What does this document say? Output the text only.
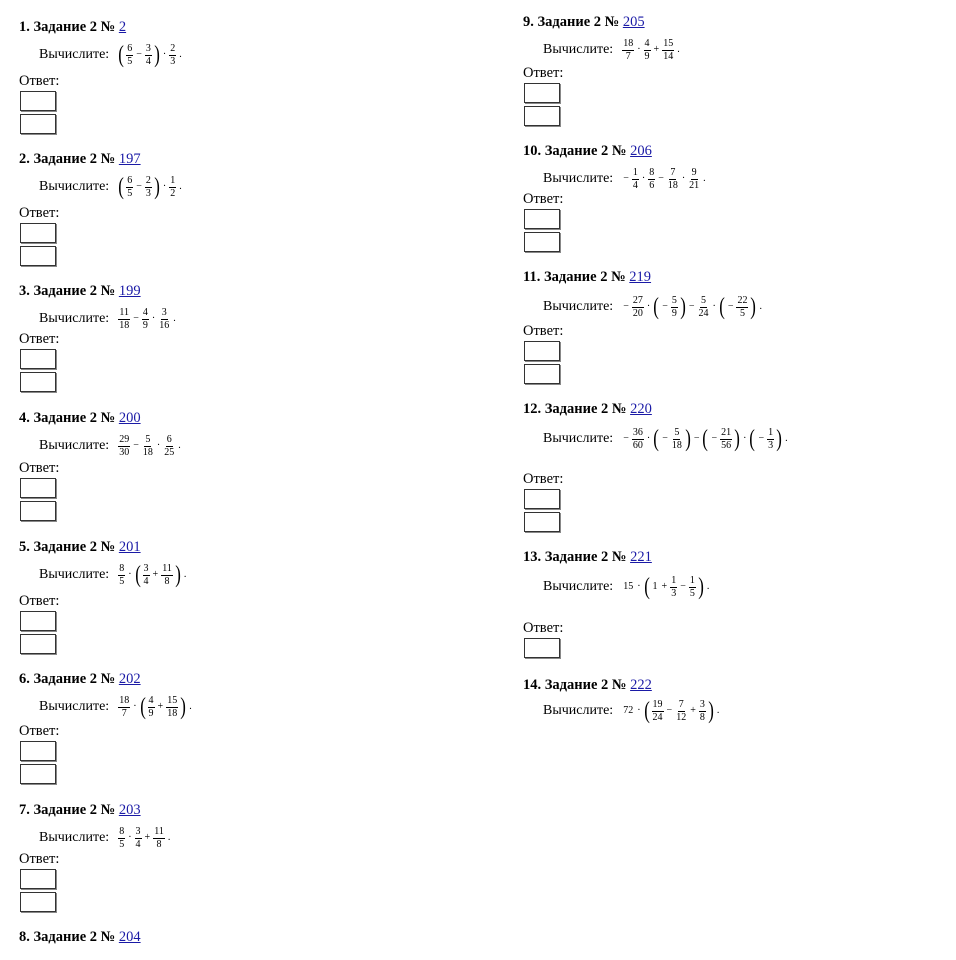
1. Задание 2 № 2
Вычислите: ( $\frac{6}{5} - \frac{3}{4}$ ) · $\frac{2}{3}$ .
Ответ:
2. Задание 2 № 197
Вычислите: ( $\frac{6}{5} - \frac{2}{3}$ ) · $\frac{1}{2}$ .
Ответ:
3. Задание 2 № 199
Вычислите: $\frac{11}{18} - \frac{4}{9} \cdot \frac{3}{16}$ .
Ответ:
4. Задание 2 № 200
Вычислите: $\frac{29}{30} - \frac{5}{18} \cdot \frac{6}{25}$ .
Ответ:
5. Задание 2 № 201
Вычислите: $\frac{8}{5}$ · ( $\frac{3}{4} + \frac{11}{8}$ ) .
Ответ:
6. Задание 2 № 202
Вычислите: $\frac{18}{7}$ · ( $\frac{4}{9} + \frac{15}{18}$ ) .
Ответ:
7. Задание 2 № 203
Вычислите: $\frac{8}{5} \cdot \frac{3}{4} + \frac{11}{8}$ .
Ответ:
8. Задание 2 № 204
9. Задание 2 № 205
Вычислите: $\frac{18}{7} \cdot \frac{4}{9} + \frac{15}{14}$ .
Ответ:
10. Задание 2 № 206
Вычислите: − $\frac{1}{4} \cdot \frac{8}{6} - \frac{7}{18} \cdot \frac{9}{21}$ .
Ответ:
11. Задание 2 № 219
Вычислите: − $\frac{27}{20}$ · ( − $\frac{5}{9}$ ) − $\frac{5}{24}$ · ( − $\frac{22}{5}$ ) .
Ответ:
12. Задание 2 № 220
Вычислите: − $\frac{36}{60}$ · ( − $\frac{5}{18}$ ) − ( − $\frac{21}{56}$ ) · ( − $\frac{1}{3}$ ) .
Ответ:
13. Задание 2 № 221
Вычислите: 15 · ( $1 + \frac{1}{3} - \frac{1}{5}$ ) .
Ответ:
14. Задание 2 № 222
Вычислите: 72 · ( $\frac{19}{24} - \frac{7}{12} + \frac{3}{8}$ ) .
